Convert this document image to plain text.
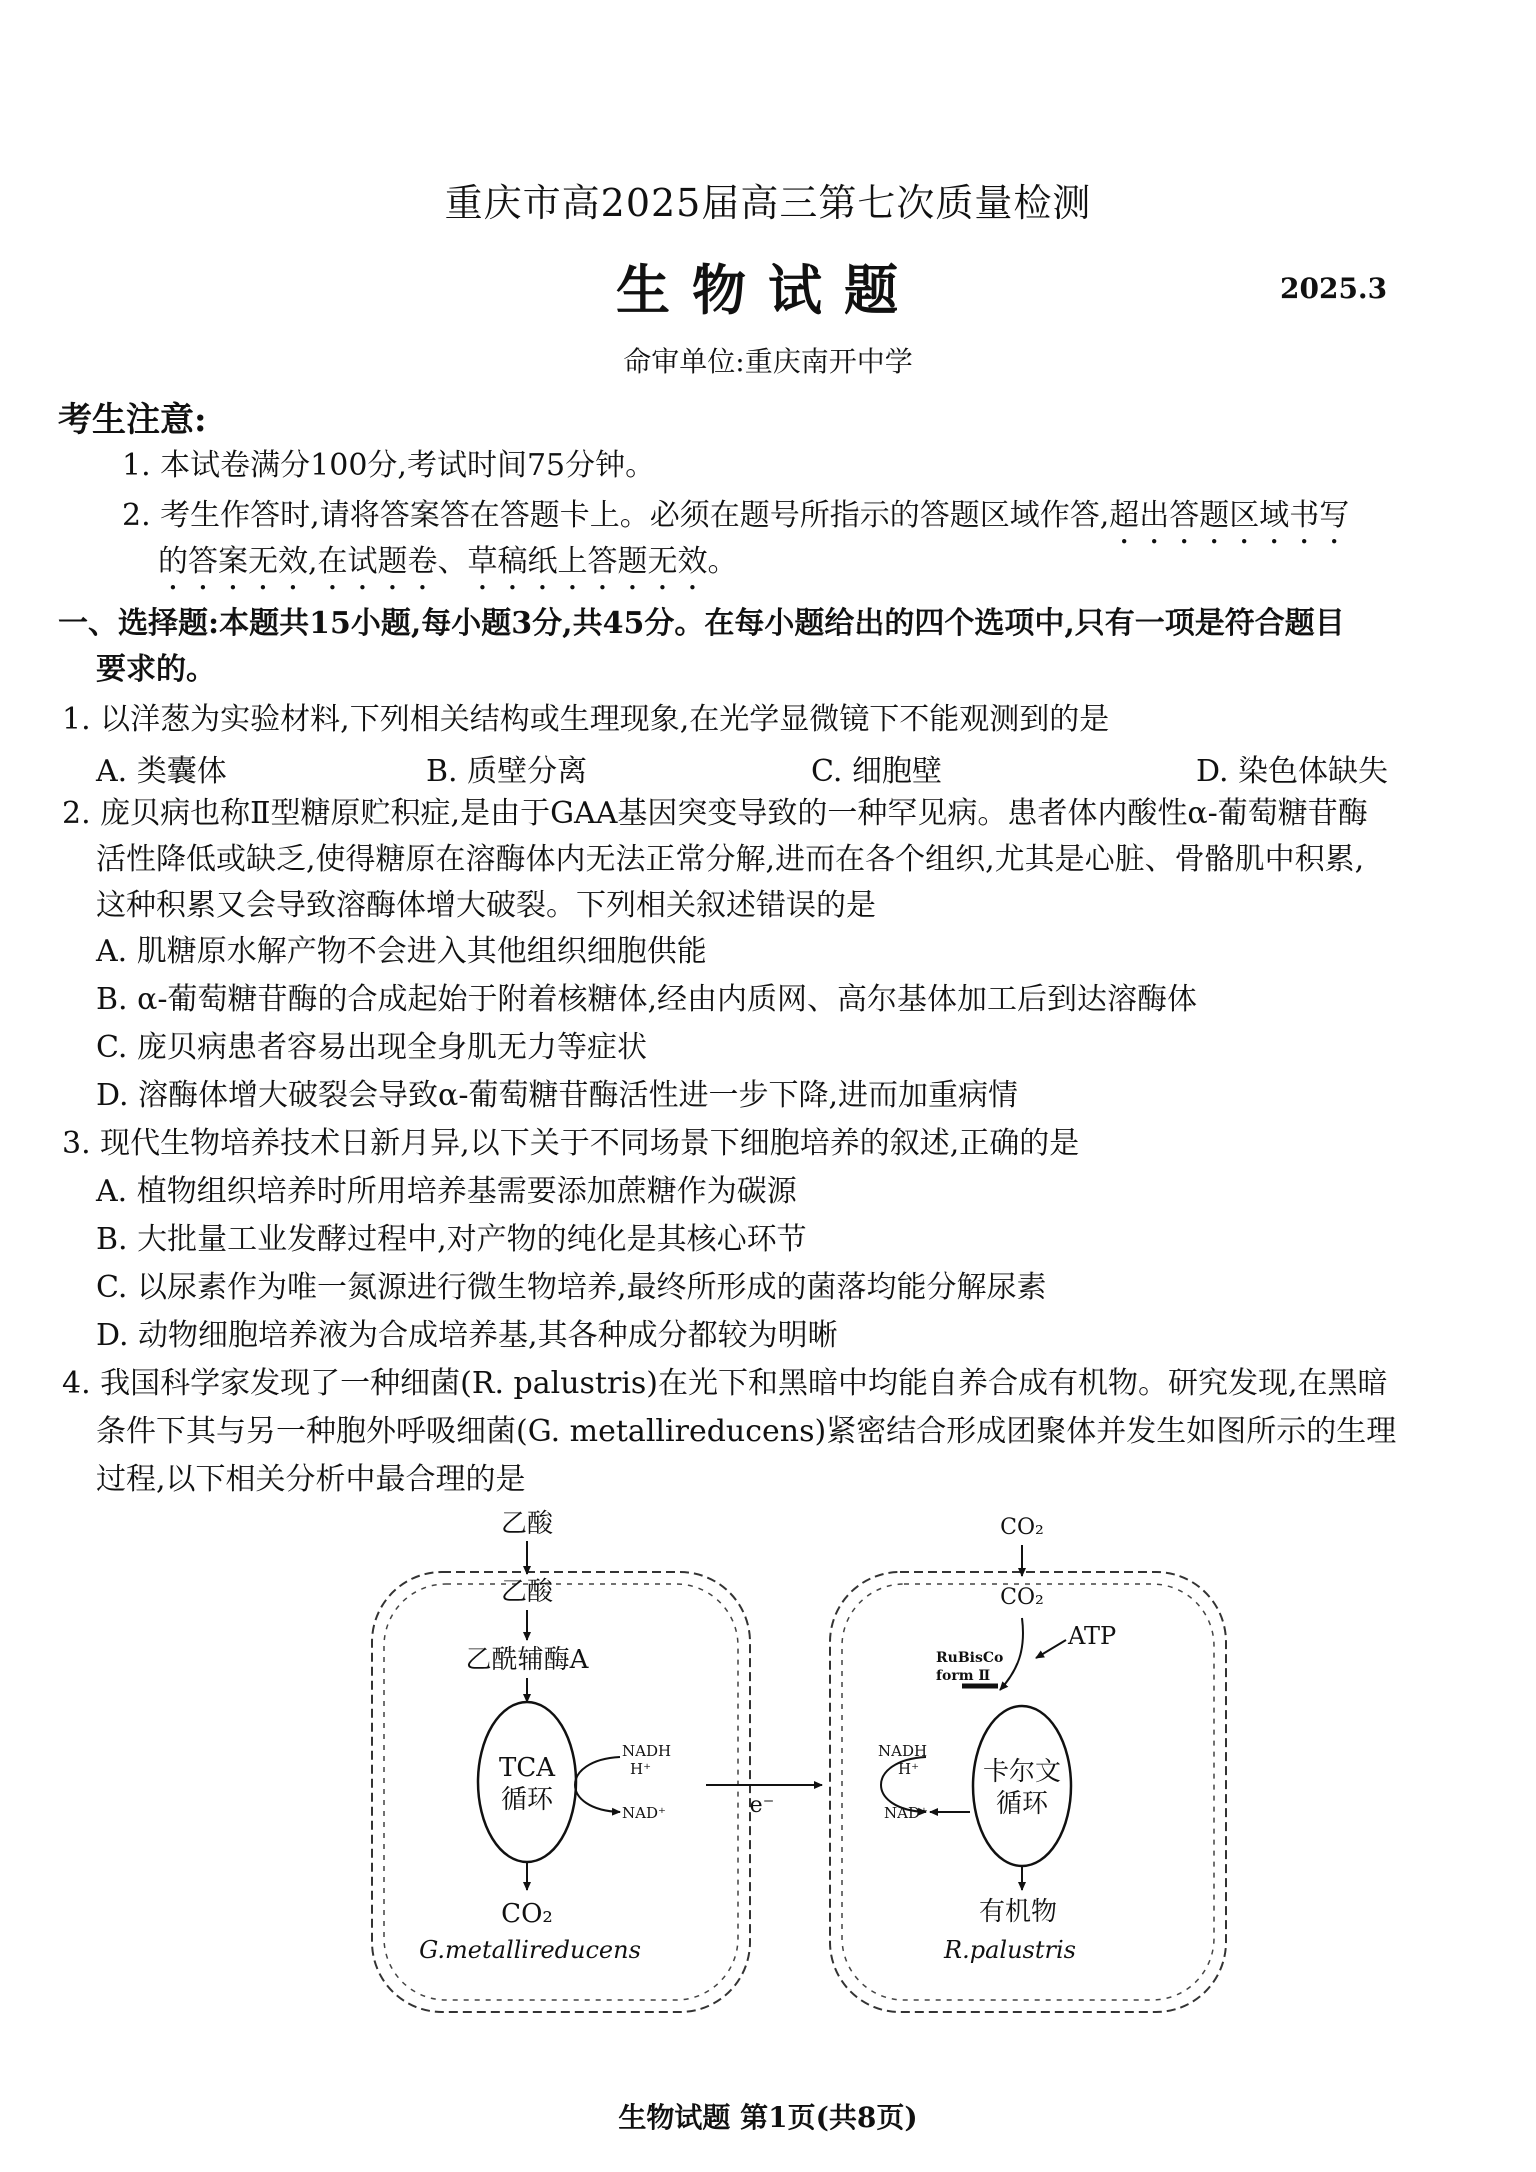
重庆市高2025届高三第七次质量检测
生物试题	2025.3
命审单位:重庆南开中学
考生注意:
1. 本试卷满分100分,考试时间75分钟。
2. 考生作答时,请将答案答在答题卡上。必须在题号所指示的答题区域作答,超出答题区域书写
的答案无效,在试题卷、草稿纸上答题无效。
一、选择题:本题共15小题,每小题3分,共45分。在每小题给出的四个选项中,只有一项是符合题目
要求的。
1. 以洋葱为实验材料,下列相关结构或生理现象,在光学显微镜下不能观测到的是
A. 类囊体	B. 质壁分离	C. 细胞壁	D. 染色体缺失
2. 庞贝病也称Ⅱ型糖原贮积症,是由于GAA基因突变导致的一种罕见病。患者体内酸性α-葡萄糖苷酶
活性降低或缺乏,使得糖原在溶酶体内无法正常分解,进而在各个组织,尤其是心脏、骨骼肌中积累,
这种积累又会导致溶酶体增大破裂。下列相关叙述错误的是
A. 肌糖原水解产物不会进入其他组织细胞供能
B. α-葡萄糖苷酶的合成起始于附着核糖体,经由内质网、高尔基体加工后到达溶酶体
C. 庞贝病患者容易出现全身肌无力等症状
D. 溶酶体增大破裂会导致α-葡萄糖苷酶活性进一步下降,进而加重病情
3. 现代生物培养技术日新月异,以下关于不同场景下细胞培养的叙述,正确的是
A. 植物组织培养时所用培养基需要添加蔗糖作为碳源
B. 大批量工业发酵过程中,对产物的纯化是其核心环节
C. 以尿素作为唯一氮源进行微生物培养,最终所形成的菌落均能分解尿素
D. 动物细胞培养液为合成培养基,其各种成分都较为明晰
4. 我国科学家发现了一种细菌(R. palustris)在光下和黑暗中均能自养合成有机物。研究发现,在黑暗
条件下其与另一种胞外呼吸细菌(G. metallireducens)紧密结合形成团聚体并发生如图所示的生理
过程,以下相关分析中最合理的是
乙酸
乙酸
乙酰辅酶A
TCA
循环
NADH
H⁺
NAD⁺
CO₂
G.metallireducens
e⁻
CO₂
CO₂
ATP
RuBisCo
form Ⅱ
卡尔文
循环
NADH
H⁺
NAD⁺
有机物
R.palustris
生物试题 第1页(共8页)
